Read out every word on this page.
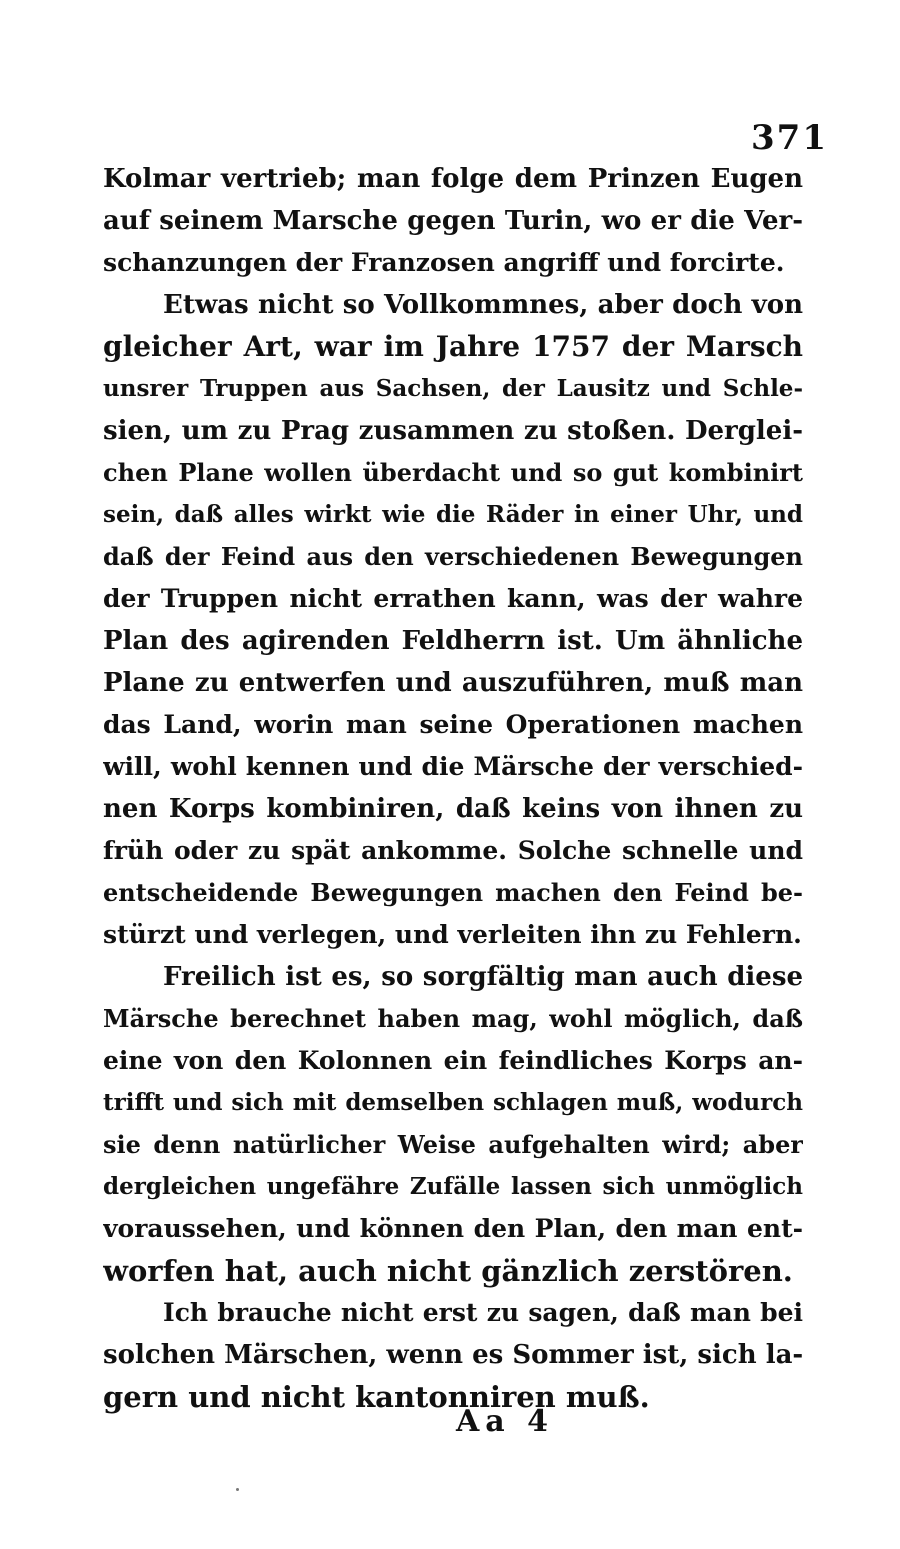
371
Kolmar vertrieb; man folge dem Prinzen Eugen
auf seinem Marsche gegen Turin, wo er die Ver-
schanzungen der Franzosen angriff und forcirte.
Etwas nicht so Vollkommnes, aber doch von
gleicher Art, war im Jahre 1757 der Marsch
unsrer Truppen aus Sachsen, der Lausitz und Schle-
sien, um zu Prag zusammen zu stoßen. Derglei-
chen Plane wollen überdacht und so gut kombinirt
sein, daß alles wirkt wie die Räder in einer Uhr, und
daß der Feind aus den verschiedenen Bewegungen
der Truppen nicht errathen kann, was der wahre
Plan des agirenden Feldherrn ist. Um ähnliche
Plane zu entwerfen und auszuführen, muß man
das Land, worin man seine Operationen machen
will, wohl kennen und die Märsche der verschied-
nen Korps kombiniren, daß keins von ihnen zu
früh oder zu spät ankomme. Solche schnelle und
entscheidende Bewegungen machen den Feind be-
stürzt und verlegen, und verleiten ihn zu Fehlern.
Freilich ist es, so sorgfältig man auch diese
Märsche berechnet haben mag, wohl möglich, daß
eine von den Kolonnen ein feindliches Korps an-
trifft und sich mit demselben schlagen muß, wodurch
sie denn natürlicher Weise aufgehalten wird; aber
dergleichen ungefähre Zufälle lassen sich unmöglich
voraussehen, und können den Plan, den man ent-
worfen hat, auch nicht gänzlich zerstören.
Ich brauche nicht erst zu sagen, daß man bei
solchen Märschen, wenn es Sommer ist, sich la-
gern und nicht kantonniren muß.
Aa 4
